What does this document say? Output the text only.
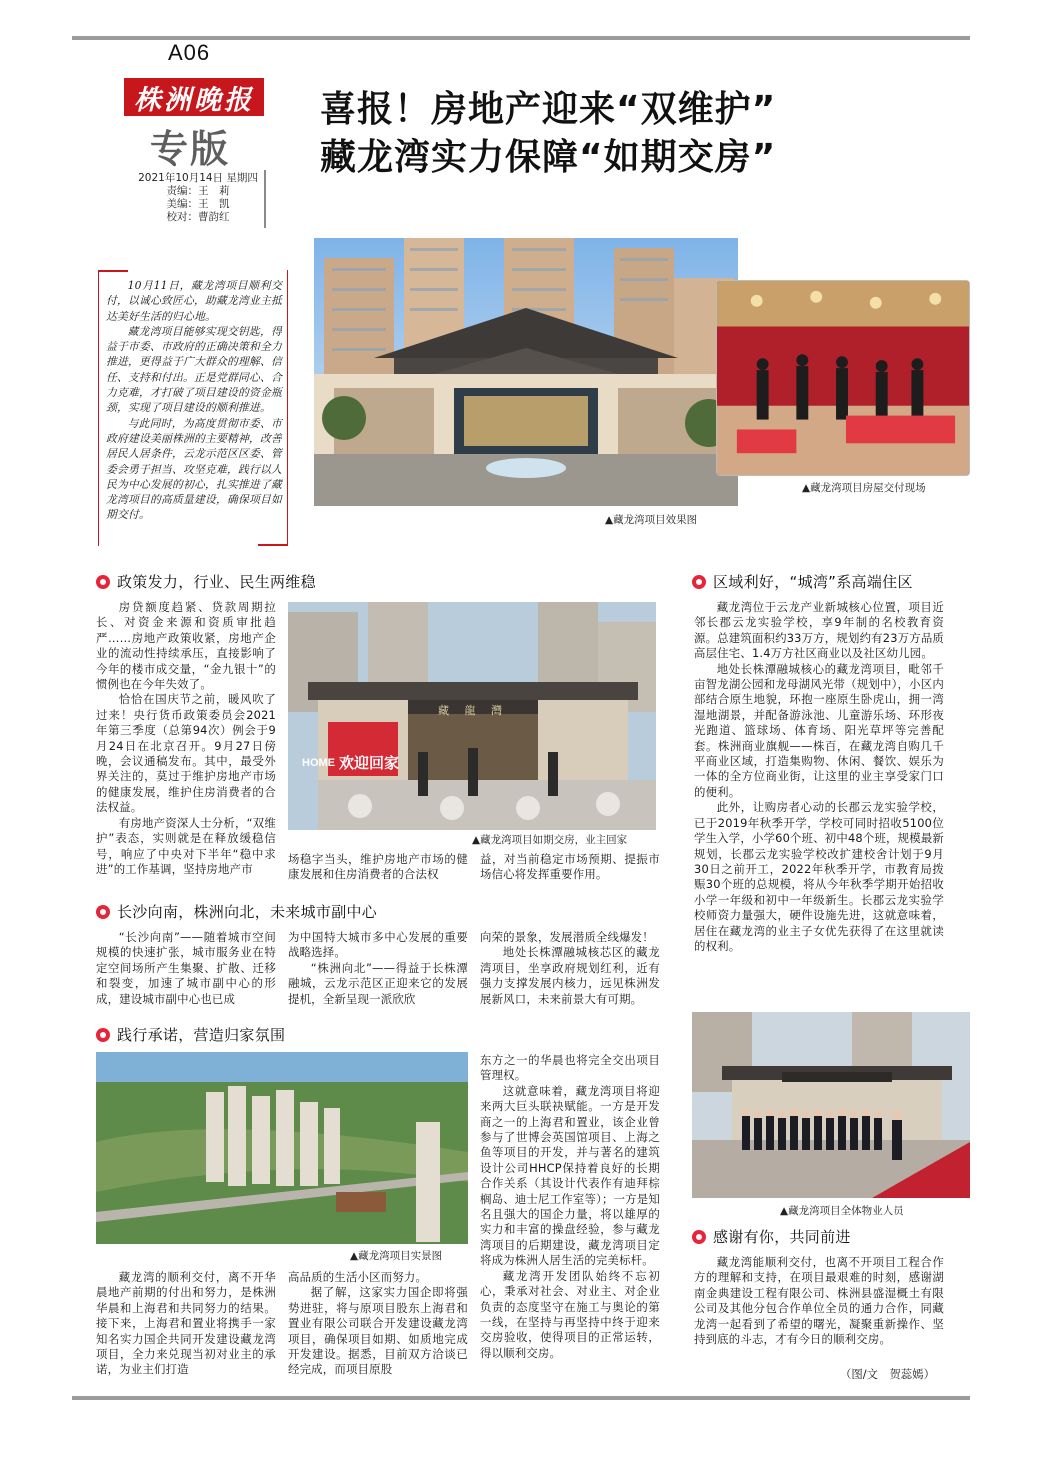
A06
株洲晚报
专版
2021年10月14日 星期四
责编：王　莉
美编：王　凯
校对：曹韵红
喜报！房地产迎来“双维护”
藏龙湾实力保障“如期交房”

10月11日，藏龙湾项目顺利交付，以诚心致匠心，助藏龙湾业主抵达美好生活的归心地。

藏龙湾项目能够实现交钥匙，得益于市委、市政府的正确决策和全力推进，更得益于广大群众的理解、信任、支持和付出。正是党群同心、合力克难，才打破了项目建设的资金瓶颈，实现了项目建设的顺利推进。

与此同时，为高度贯彻市委、市政府建设美丽株洲的主要精神，改善居民人居条件，云龙示范区区委、管委会勇于担当、攻坚克难，践行以人民为中心发展的初心，扎实推进了藏龙湾项目的高质量建设，确保项目如期交付。	▲藏龙湾项目效果图
▲藏龙湾项目房屋交付现场
政策发力，行业、民生两维稳

房贷额度趋紧、贷款周期拉长、对资金来源和资质审批趋严……房地产政策收紧，房地产企业的流动性持续承压，直接影响了今年的楼市成交量，“金九银十”的惯例也在今年失效了。

恰恰在国庆节之前，暖风吹了过来！央行货币政策委员会2021年第三季度（总第94次）例会于9月24日在北京召开。9月27日傍晚，会议通稿发布。其中，最受外界关注的，莫过于维护房地产市场的健康发展，维护住房消费者的合法权益。

有房地产资深人士分析，“双维护”表态，实则就是在释放缓稳信号，响应了中央对下半年“稳中求进”的工作基调，坚持房地产市

藏 龍 灣
HOME 欢迎回家
▲藏龙湾项目如期交房，业主回家
场稳字当头，维护房地产市场的健康发展和住房消费者的合法权
益，对当前稳定市场预期、提振市场信心将发挥重要作用。
长沙向南，株洲向北，未来城市副中心

“长沙向南”——随着城市空间规模的快速扩张，城市服务业在特定空间场所产生集聚、扩散、迁移和裂变，加速了城市副中心的形成，建设城市副中心也已成

为中国特大城市多中心发展的重要战略选择。

“株洲向北”——得益于长株潭融城，云龙示范区正迎来它的发展提机，全新呈现一派欣欣

向荣的景象，发展潜质全线爆发！

地处长株潭融城核芯区的藏龙湾项目，坐享政府规划红利，近有强力支撑发展内核力，远见株洲发展新风口，未来前景大有可期。

践行承诺，营造归家氛围
▲藏龙湾项目实景图

藏龙湾的顺利交付，离不开华晨地产前期的付出和努力，是株洲华晨和上海君和共同努力的结果。接下来，上海君和置业将携手一家知名实力国企共同开发建设藏龙湾项目，全力来兑现当初对业主的承诺，为业主们打造

高品质的生活小区而努力。

据了解，这家实力国企即将强势进驻，将与原项目股东上海君和置业有限公司联合开发建设藏龙湾项目，确保项目如期、如质地完成开发建设。据悉，目前双方洽谈已经完成，而项目原股

东方之一的华晨也将完全交出项目管理权。

这就意味着，藏龙湾项目将迎来两大巨头联袂赋能。一方是开发商之一的上海君和置业，该企业曾参与了世博会英国馆项目、上海之鱼等项目的开发，并与著名的建筑设计公司HHCP保持着良好的长期合作关系（其设计代表作有迪拜棕榈岛、迪士尼工作室等）；一方是知名且强大的国企力量，将以雄厚的实力和丰富的操盘经验，参与藏龙湾项目的后期建设，藏龙湾项目定将成为株洲人居生活的完美标杆。

藏龙湾开发团队始终不忘初心，秉承对社会、对业主、对企业负责的态度坚守在施工与奥论的第一线，在坚持与再坚持中终于迎来交房验收，使得项目的正常运转，得以顺利交房。

区域利好，“城湾”系高端住区

藏龙湾位于云龙产业新城核心位置，项目近邻长郡云龙实验学校，享9年制的名校教育资源。总建筑面积约33万方，规划约有23万方品质高层住宅、1.4万方社区商业以及社区幼儿园。

地处长株潭融城核心的藏龙湾项目，毗邻千亩智龙湖公园和龙母湖风光带（规划中），小区内部结合原生地貌，环抱一座原生卧虎山，拥一湾湿地湖景，并配备游泳池、儿童游乐场、环形夜光跑道、篮球场、体育场、阳光草坪等完善配套。株洲商业旗舰——株百，在藏龙湾自购几千平商业区域，打造集购物、休闲、餐饮、娱乐为一体的全方位商业街，让这里的业主享受家门口的便利。

此外，让购房者心动的长郡云龙实验学校，已于2019年秋季开学，学校可同时招收5100位学生入学，小学60个班、初中48个班，规模最新规划，长郡云龙实验学校改扩建校舍计划于9月30日之前开工，2022年秋季开学，市教育局拨赈30个班的总规模，将从今年秋季学期开始招收小学一年级和初中一年级新生。长郡云龙实验学校师资力量强大，硬件设施先进，这就意味着，居住在藏龙湾的业主子女优先获得了在这里就读的权利。

▲藏龙湾项目全体物业人员
感谢有你，共同前进

藏龙湾能顺利交付，也离不开项目工程合作方的理解和支持，在项目最艰难的时刻，感谢湖南金典建设工程有限公司、株洲县盛湿概土有限公司及其他分包合作单位全员的通力合作，同藏龙湾一起看到了希望的曙光，凝聚重新操作、坚持到底的斗志，才有今日的顺利交房。

（图/文　贺蕊嫣）
